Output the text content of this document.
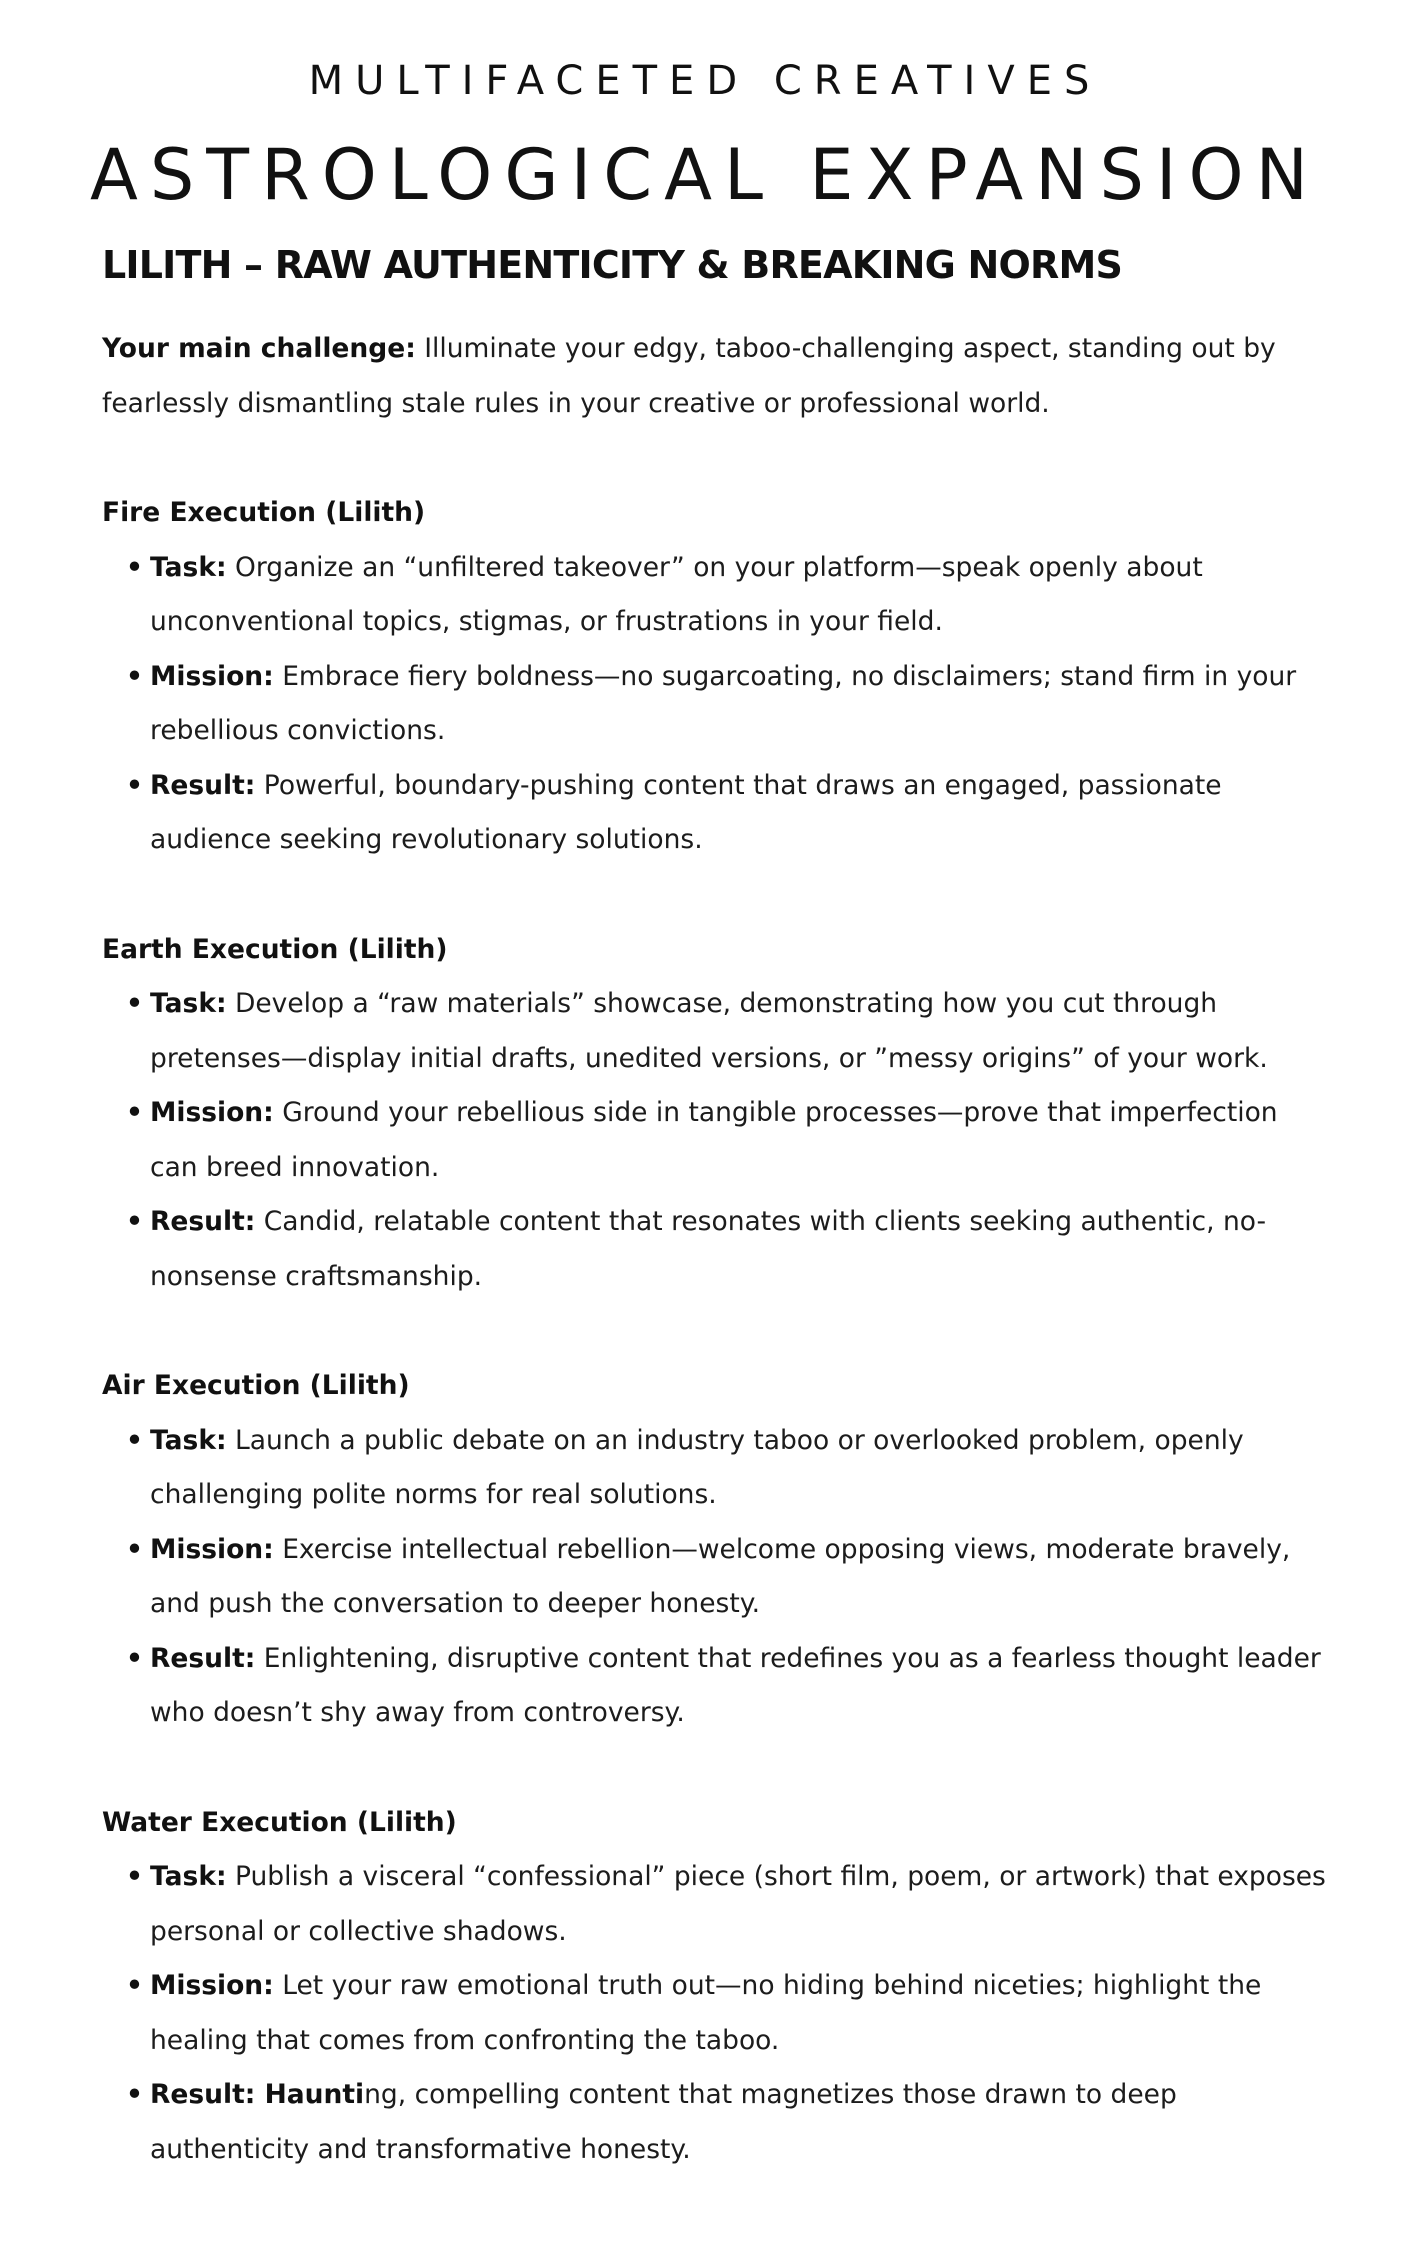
MULTIFACETED CREATIVES
ASTROLOGICAL EXPANSION
LILITH – RAW AUTHENTICITY & BREAKING NORMS

Your main challenge: Illuminate your edgy, taboo-challenging aspect, standing out by fearlessly dismantling stale rules in your creative or professional world.

Fire Execution (Lilith)

• Task: Organize an “unfiltered takeover” on your platform—speak openly about unconventional topics, stigmas, or frustrations in your field.
• Mission: Embrace fiery boldness—no sugarcoating, no disclaimers; stand firm in your rebellious convictions.
• Result: Powerful, boundary-pushing content that draws an engaged, passionate audience seeking revolutionary solutions.

Earth Execution (Lilith)

• Task: Develop a “raw materials” showcase, demonstrating how you cut through pretenses—display initial drafts, unedited versions, or ”messy origins” of your work.
• Mission: Ground your rebellious side in tangible processes—prove that imperfection can breed innovation.
• Result: Candid, relatable content that resonates with clients seeking authentic, no-nonsense craftsmanship.

Air Execution (Lilith)

• Task: Launch a public debate on an industry taboo or overlooked problem, openly challenging polite norms for real solutions.
• Mission: Exercise intellectual rebellion—welcome opposing views, moderate bravely, and push the conversation to deeper honesty.
• Result: Enlightening, disruptive content that redefines you as a fearless thought leader who doesn’t shy away from controversy.

Water Execution (Lilith)

• Task: Publish a visceral “confessional” piece (short film, poem, or artwork) that exposes personal or collective shadows.
• Mission: Let your raw emotional truth out—no hiding behind niceties; highlight the healing that comes from confronting the taboo.
• Result: Haunting, compelling content that magnetizes those drawn to deep authenticity and transformative honesty.
